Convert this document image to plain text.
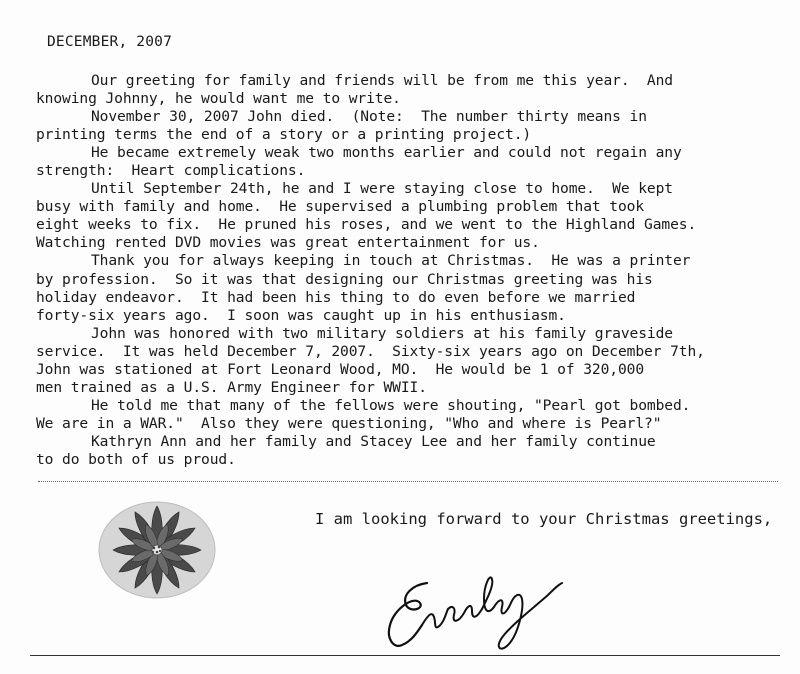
DECEMBER, 2007
Our greeting for family and friends will be from me this year.  And
knowing Johnny, he would want me to write.
November 30, 2007 John died.  (Note:  The number thirty means in
printing terms the end of a story or a printing project.)
He became extremely weak two months earlier and could not regain any
strength:  Heart complications.
Until September 24th, he and I were staying close to home.  We kept
busy with family and home.  He supervised a plumbing problem that took
eight weeks to fix.  He pruned his roses, and we went to the Highland Games.
Watching rented DVD movies was great entertainment for us.
Thank you for always keeping in touch at Christmas.  He was a printer
by profession.  So it was that designing our Christmas greeting was his
holiday endeavor.  It had been his thing to do even before we married
forty-six years ago.  I soon was caught up in his enthusiasm.
John was honored with two military soldiers at his family graveside
service.  It was held December 7, 2007.  Sixty-six years ago on December 7th,
John was stationed at Fort Leonard Wood, MO.  He would be 1 of 320,000
men trained as a U.S. Army Engineer for WWII.
He told me that many of the fellows were shouting, "Pearl got bombed.
We are in a WAR."  Also they were questioning, "Who and where is Pearl?"
Kathryn Ann and her family and Stacey Lee and her family continue
to do both of us proud.
I am looking forward to your Christmas greetings,
